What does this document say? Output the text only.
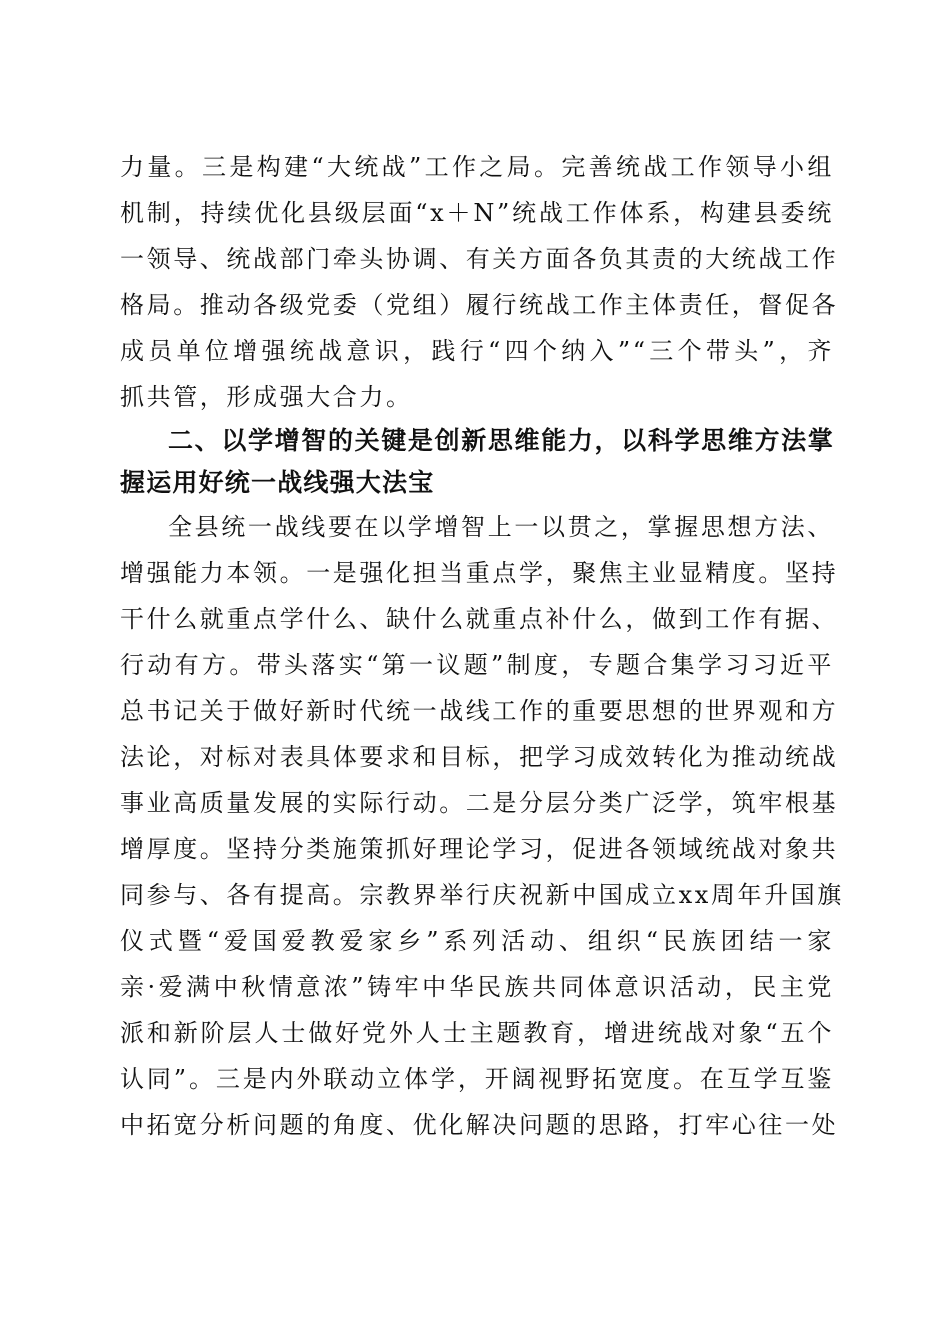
力量。三是构建“大统战”工作之局。完善统战工作领导小组
机制，持续优化县级层面“x＋N”统战工作体系，构建县委统
一领导、统战部门牵头协调、有关方面各负其责的大统战工作
格局。推动各级党委（党组）履行统战工作主体责任，督促各
成员单位增强统战意识，践行“四个纳入”“三个带头”，齐
抓共管，形成强大合力。
二、以学增智的关键是创新思维能力，以科学思维方法掌
握运用好统一战线强大法宝
全县统一战线要在以学增智上一以贯之，掌握思想方法、
增强能力本领。一是强化担当重点学，聚焦主业显精度。坚持
干什么就重点学什么、缺什么就重点补什么，做到工作有据、
行动有方。带头落实“第一议题”制度，专题合集学习习近平
总书记关于做好新时代统一战线工作的重要思想的世界观和方
法论，对标对表具体要求和目标，把学习成效转化为推动统战
事业高质量发展的实际行动。二是分层分类广泛学，筑牢根基
增厚度。坚持分类施策抓好理论学习，促进各领域统战对象共
同参与、各有提高。宗教界举行庆祝新中国成立xx周年升国旗
仪式暨“爱国爱教爱家乡”系列活动、组织“民族团结一家
亲·爱满中秋情意浓”铸牢中华民族共同体意识活动，民主党
派和新阶层人士做好党外人士主题教育，增进统战对象“五个
认同”。三是内外联动立体学，开阔视野拓宽度。在互学互鉴
中拓宽分析问题的角度、优化解决问题的思路，打牢心往一处
